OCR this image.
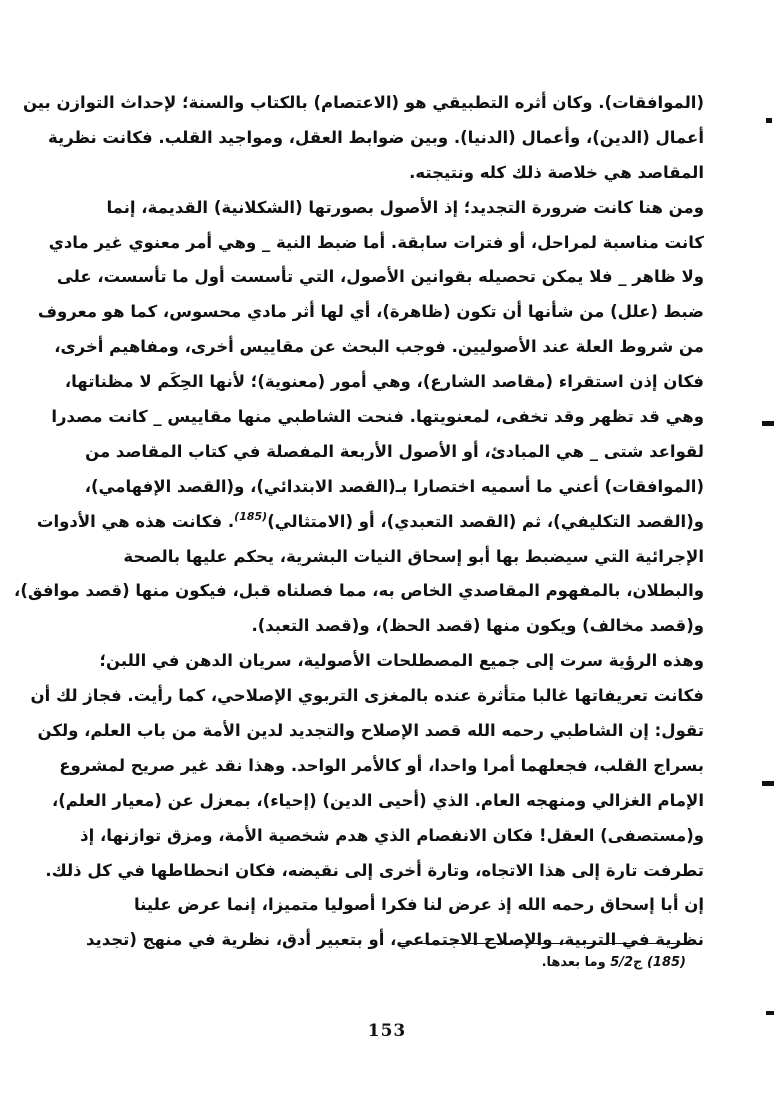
(الموافقات). وكان أثره التطبيقي هو (الاعتصام) بالكتاب والسنة؛ لإحداث التوازن بين
أعمال (الدين)، وأعمال (الدنيا). وبين ضوابط العقل، ومواجيد القلب. فكانت نظرية
المقاصد هي خلاصة ذلك كله ونتيجته.
ومن هنا كانت ضرورة التجديد؛ إذ الأصول بصورتها (الشكلانية) القديمة، إنما
كانت مناسبة لمراحل، أو فترات سابقة. أما ضبط النية _ وهي أمر معنوي غير مادي
ولا ظاهر _ فلا يمكن تحصيله بقوانين الأصول، التي تأسست أول ما تأسست، على
ضبط (علل) من شأنها أن تكون (ظاهرة)، أي لها أثر مادي محسوس، كما هو معروف
من شروط العلة عند الأصوليين. فوجب البحث عن مقاييس أخرى، ومفاهيم أخرى،
فكان إذن استقراء (مقاصد الشارع)، وهي أمور (معنوية)؛ لأنها الحِكَم لا مظناتها،
وهي قد تظهر وقد تخفى، لمعنويتها. فنحت الشاطبي منها مقاييس _ كانت مصدرا
لقواعد شتى _ هي المبادئ، أو الأصول الأربعة المفصلة في كتاب المقاصد من
(الموافقات) أعني ما أسميه اختصارا بـ(القصد الابتدائي)، و(القصد الإفهامي)،
و(القصد التكليفي)، ثم (القصد التعبدي)، أو (الامتثالي)$^{(185)}$. فكانت هذه هي الأدوات
الإجرائية التي سيضبط بها أبو إسحاق النيات البشرية، يحكم عليها بالصحة
والبطلان، بالمفهوم المقاصدي الخاص به، مما فصلناه قبل، فيكون منها (قصد موافق)،
و(قصد مخالف) ويكون منها (قصد الحظ)، و(قصد التعبد).
وهذه الرؤية سرت إلى جميع المصطلحات الأصولية، سريان الدهن في اللبن؛
فكانت تعريفاتها غالبا متأثرة عنده بالمغزى التربوي الإصلاحي، كما رأيت. فجاز لك أن
تقول: إن الشاطبي رحمه الله قصد الإصلاح والتجديد لدين الأمة من باب العلم، ولكن
بسراج القلب، فجعلهما أمرا واحدا، أو كالأمر الواحد. وهذا نقد غير صريح لمشروع
الإمام الغزالي ومنهجه العام. الذي (أحيى الدين) (إحياء)، بمعزل عن (معيار العلم)،
و(مستصفى) العقل! فكان الانفصام الذي هدم شخصية الأمة، ومزق توازنها، إذ
تطرفت تارة إلى هذا الاتجاه، وتارة أخرى إلى نقيضه، فكان انحطاطها في كل ذلك.
إن أبا إسحاق رحمه الله إذ عرض لنا فكرا أصوليا متميزا، إنما عرض علينا
نظرية في التربية، والإصلاح الاجتماعي، أو بتعبير أدق، نظرية في منهج (تجديد
(185) ج5/2 وما بعدها.
153
